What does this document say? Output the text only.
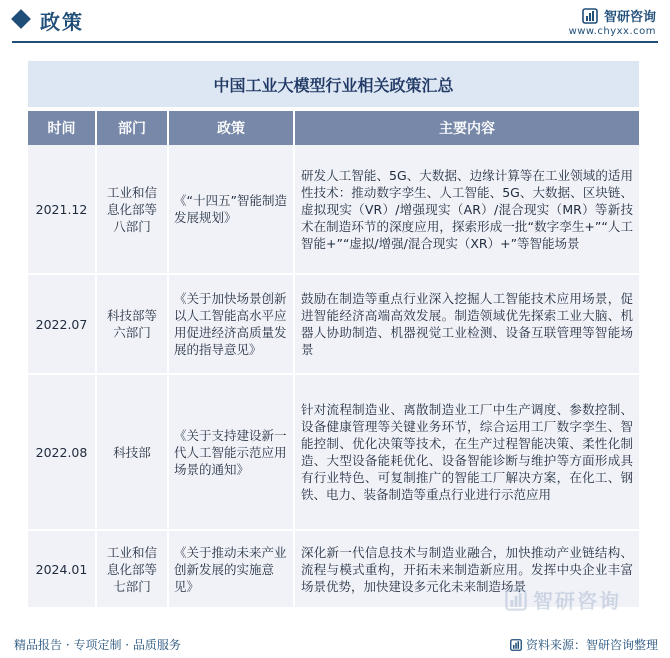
政策	智研咨询
www.chyxx.com
中国工业大模型行业相关政策汇总
时间	部门	政策	主要内容
2021.12	工业和信息化部等八部门	《“十四五”智能制造发展规划》	研发人工智能、5G、大数据、边缘计算等在工业领域的适用性技术：推动数字孪生、人工智能、5G、大数据、区块链、虚拟现实（VR）/增强现实（AR）/混合现实（MR）等新技术在制造环节的深度应用，探索形成一批“数字孪生+”“人工智能+”“虚拟/增强/混合现实（XR）+”等智能场景
2022.07	科技部等六部门	《关于加快场景创新以人工智能高水平应用促进经济高质量发展的指导意见》	鼓励在制造等重点行业深入挖掘人工智能技术应用场景，促进智能经济高端高效发展。制造领域优先探索工业大脑、机器人协助制造、机器视觉工业检测、设备互联管理等智能场景
2022.08	科技部	《关于支持建设新一代人工智能示范应用场景的通知》	针对流程制造业、离散制造业工厂中生产调度、参数控制、设备健康管理等关键业务环节，综合运用工厂数字孪生、智能控制、优化决策等技术，在生产过程智能决策、柔性化制造、大型设备能耗优化、设备智能诊断与维护等方面形成具有行业特色、可复制推广的智能工厂解决方案，在化工、钢铁、电力、装备制造等重点行业进行示范应用
2024.01	工业和信息化部等七部门	《关于推动未来产业创新发展的实施意见》	深化新一代信息技术与制造业融合，加快推动产业链结构、流程与模式重构，开拓未来制造新应用。发挥中央企业丰富场景优势，加快建设多元化未来制造场景
智研咨询
精品报告 · 专项定制 · 品质服务	资料来源：智研咨询整理
